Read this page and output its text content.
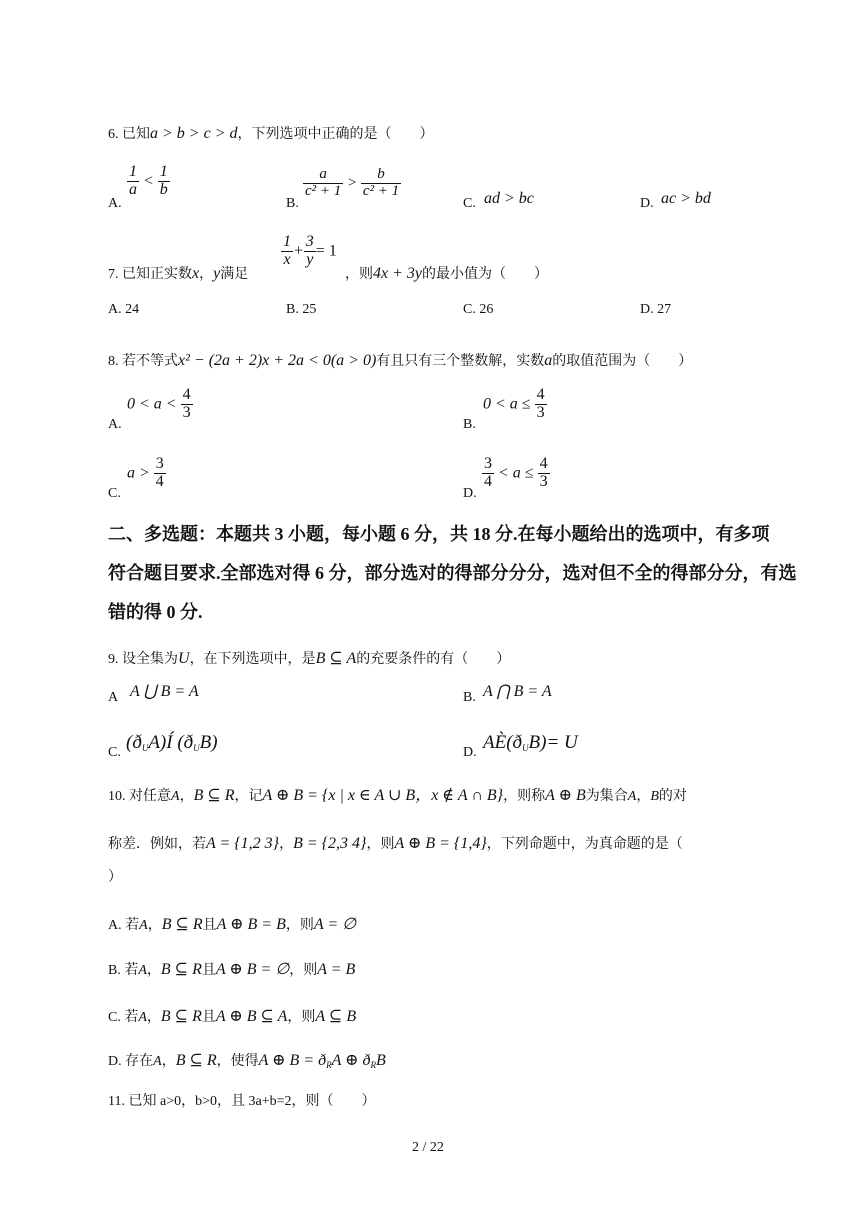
6. 已知a > b > c > d，下列选项中正确的是（　　）
A.
$\frac{1}{a} < \frac{1}{b}$
B.
$\frac{a}{\text{c² + 1}} > \frac{b}{\text{c² + 1}}$
C. ad > bc	D. ac > bd
7. 已知正实数x，y满足
$\frac{1}{x} + \frac{3}{y} = 1$
，则4x + 3y的最小值为（　　）
A. 24	B. 25	C. 26	D. 27
8. 若不等式x² − (2a + 2)x + 2a < 0(a > 0)有且只有三个整数解，实数a的取值范围为（　　）
A.
$0 < a < \frac{4}{3}$
B.
$0 < a \le \frac{4}{3}$
C.
$a > \frac{3}{4}$
D.
$\frac{3}{4} < a \le \frac{4}{3}$
二、多选题：本题共 3 小题，每小题 6 分，共 18 分.在每小题给出的选项中，有多项
符合题目要求.全部选对得 6 分，部分选对的得部分分分，选对但不全的得部分分，有选
错的得 0 分.
9. 设全集为U，在下列选项中，是B ⊆ A的充要条件的有（　　）
A A ⋃ B = A	B. A ⋂ B = A
C. $(ð_UA)Í$ $(ð_UB)$	D. $AÈ(ð_UB)= U$
10. 对任意A，B ⊆ R，记A ⊕ B = {x | x ∈ A ∪ B，x ∉ A ∩ B}，则称A ⊕ B为集合A，B的对
称差．例如，若A = {1,2 3}，B = {2,3 4}，则A ⊕ B = {1,4}，下列命题中，为真命题的是（
）
A. 若A，B ⊆ R且A ⊕ B = B，则A = ∅
B. 若A，B ⊆ R且A ⊕ B = ∅，则A = B
C. 若A，B ⊆ R且A ⊕ B ⊆ A，则A ⊆ B
D. 存在A，B ⊆ R，使得A ⊕ $B = ð_RA$ ⊕ $ð_RB$
11. 已知 a>0，b>0，且 3a+b=2，则（　　）
2 / 22
